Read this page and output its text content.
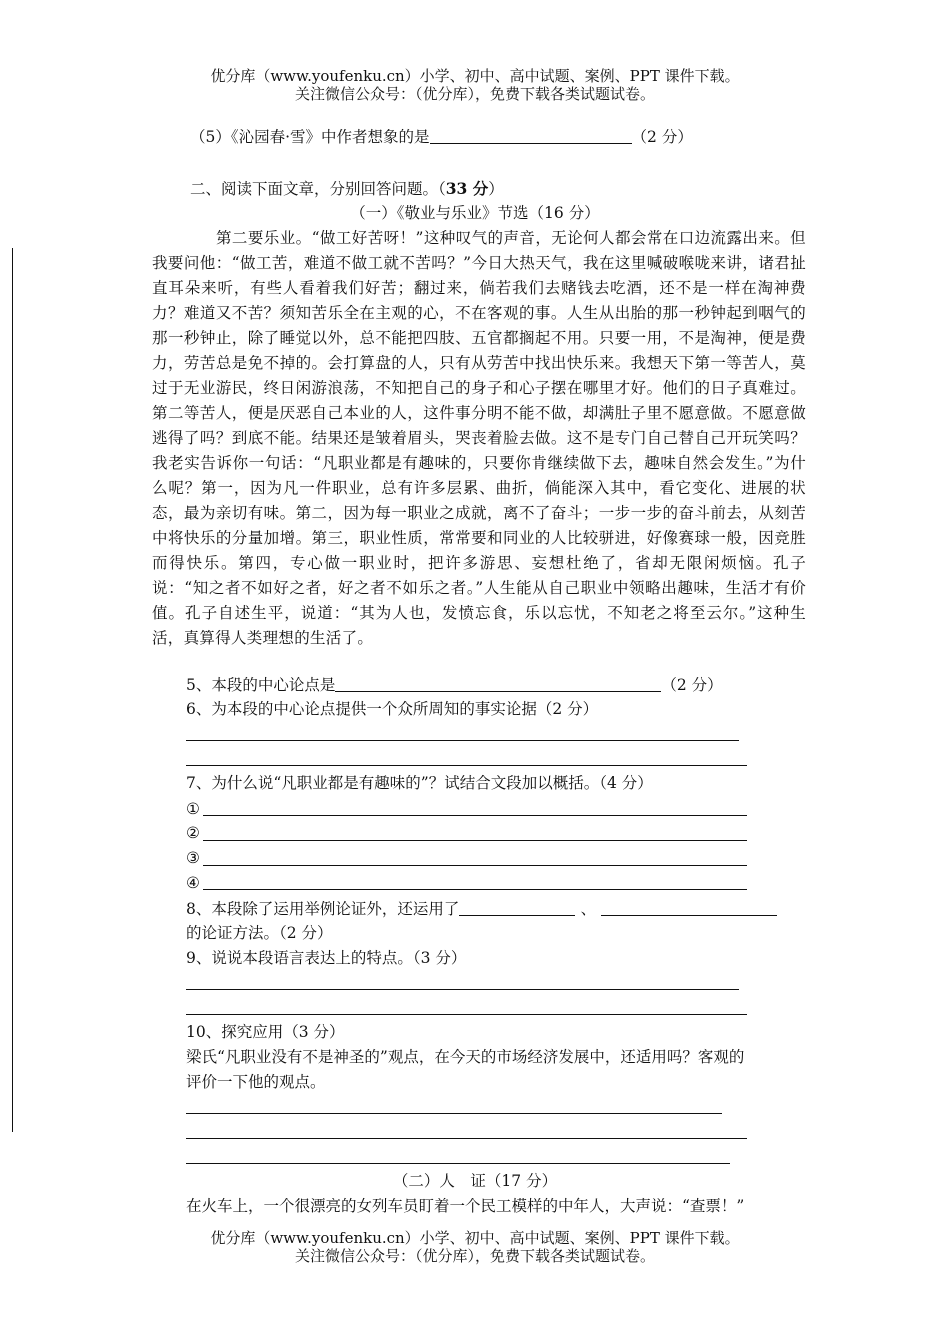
优分库（www.youfenku.cn）小学、初中、高中试题、案例、PPT 课件下载。
关注微信公众号：（优分库），免费下载各类试题试卷。
（5）《沁园春·雪》中作者想象的是	（2 分）
二、阅读下面文章，分别回答问题。（33 分）
（一）《敬业与乐业》节选（16 分）
第二要乐业。“做工好苦呀！”这种叹气的声音，无论何人都会常在口边流露出来。但我要问他：“做工苦，难道不做工就不苦吗？”今日大热天气，我在这里喊破喉咙来讲，诸君扯直耳朵来听，有些人看着我们好苦；翻过来，倘若我们去赌钱去吃酒，还不是一样在淘神费力？难道又不苦？须知苦乐全在主观的心，不在客观的事。人生从出胎的那一秒钟起到咽气的那一秒钟止，除了睡觉以外，总不能把四肢、五官都搁起不用。只要一用，不是淘神，便是费力，劳苦总是免不掉的。会打算盘的人，只有从劳苦中找出快乐来。我想天下第一等苦人，莫过于无业游民，终日闲游浪荡，不知把自己的身子和心子摆在哪里才好。他们的日子真难过。第二等苦人，便是厌恶自己本业的人，这件事分明不能不做，却满肚子里不愿意做。不愿意做逃得了吗？到底不能。结果还是皱着眉头，哭丧着脸去做。这不是专门自己替自己开玩笑吗？我老实告诉你一句话：“凡职业都是有趣味的，只要你肯继续做下去，趣味自然会发生。”为什么呢？第一，因为凡一件职业，总有许多层累、曲折，倘能深入其中，看它变化、进展的状态，最为亲切有味。第二，因为每一职业之成就，离不了奋斗；一步一步的奋斗前去，从刻苦中将快乐的分量加增。第三，职业性质，常常要和同业的人比较骈进，好像赛球一般，因竞胜而得快乐。第四，专心做一职业时，把许多游思、妄想杜绝了，省却无限闲烦恼。孔子说：“知之者不如好之者，好之者不如乐之者。”人生能从自己职业中领略出趣味，生活才有价值。孔子自述生平，说道：“其为人也，发愤忘食，乐以忘忧，不知老之将至云尔。”这种生活，真算得人类理想的生活了。
5、本段的中心论点是	（2 分）
6、为本段的中心论点提供一个众所周知的事实论据（2 分）
7、为什么说“凡职业都是有趣味的”？试结合文段加以概括。（4 分）
①
②
③
④
8、本段除了运用举例论证外，还运用了	、
的论证方法。（2 分）
9、说说本段语言表达上的特点。（3 分）
10、探究应用（3 分）
梁氏“凡职业没有不是神圣的”观点，在今天的市场经济发展中，还适用吗？客观的
评价一下他的观点。
（二）人　证（17 分）
在火车上，一个很漂亮的女列车员盯着一个民工模样的中年人，大声说：“查票！”
优分库（www.youfenku.cn）小学、初中、高中试题、案例、PPT 课件下载。
关注微信公众号：（优分库），免费下载各类试题试卷。
